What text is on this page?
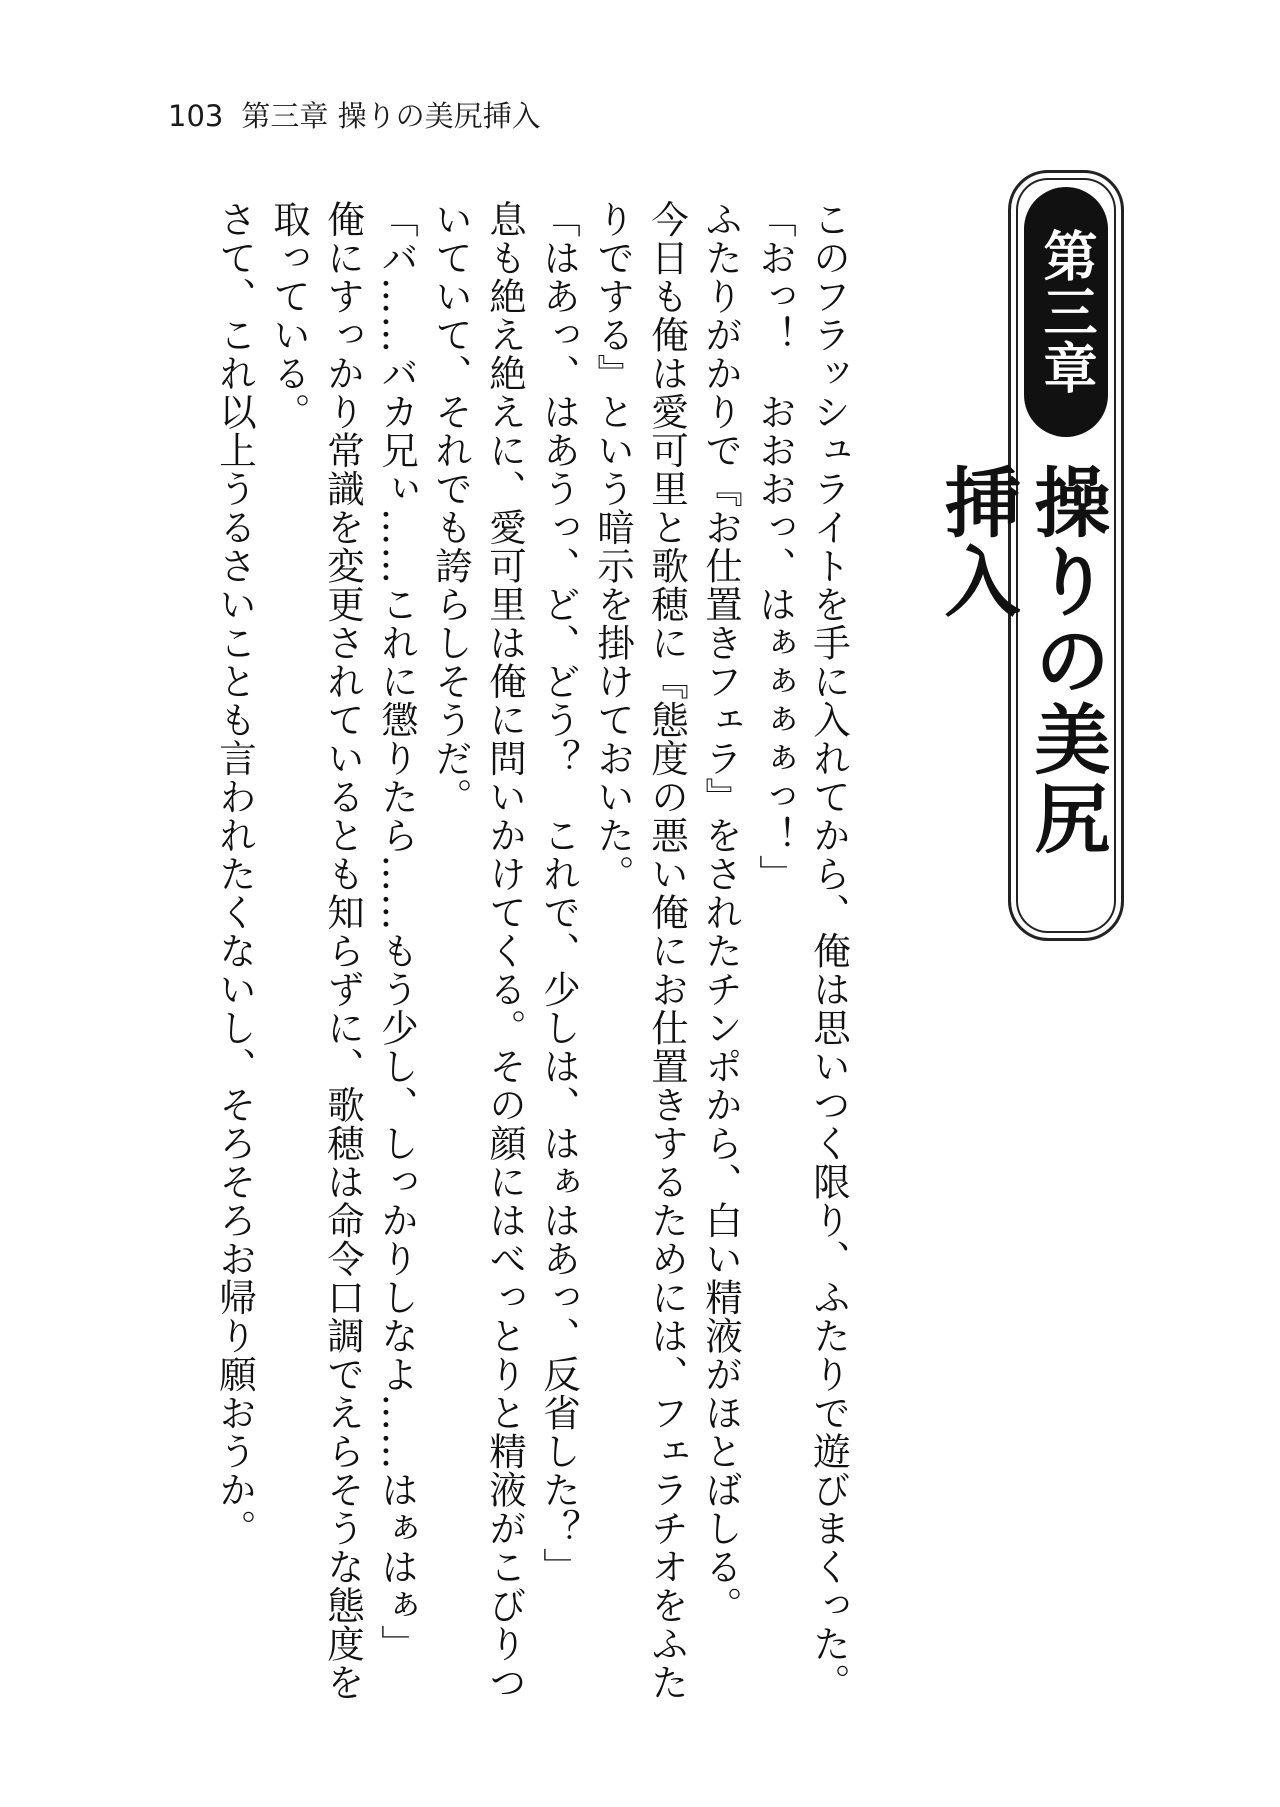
103 第三章 操りの美尻挿入
第三章
操りの美尻挿入

このフラッシュライトを手に入れてから、俺は思いつく限り、ふたりで遊びまくった。

「おっ！　おおおっ、はぁぁぁぁっ！」

ふたりがかりで『お仕置きフェラ』をされたチンポから、白い精液がほとばしる。

今日も俺は愛可里と歌穂に『態度の悪い俺にお仕置きするためには、フェラチオをふたりでする』という暗示を掛けておいた。

「はあっ、はあうっ、ど、どう？　これで、少しは、はぁはあっ、反省した？」

息も絶え絶えに、愛可里は俺に問いかけてくる。その顔にはべっとりと精液がこびりついていて、それでも誇らしそうだ。

「バ……バカ兄ぃ……これに懲りたら……もう少し、しっかりしなよ……はぁはぁ」

俺にすっかり常識を変更されているとも知らずに、歌穂は命令口調でえらそうな態度を取っている。

さて、これ以上うるさいことも言われたくないし、そろそろお帰り願おうか。
